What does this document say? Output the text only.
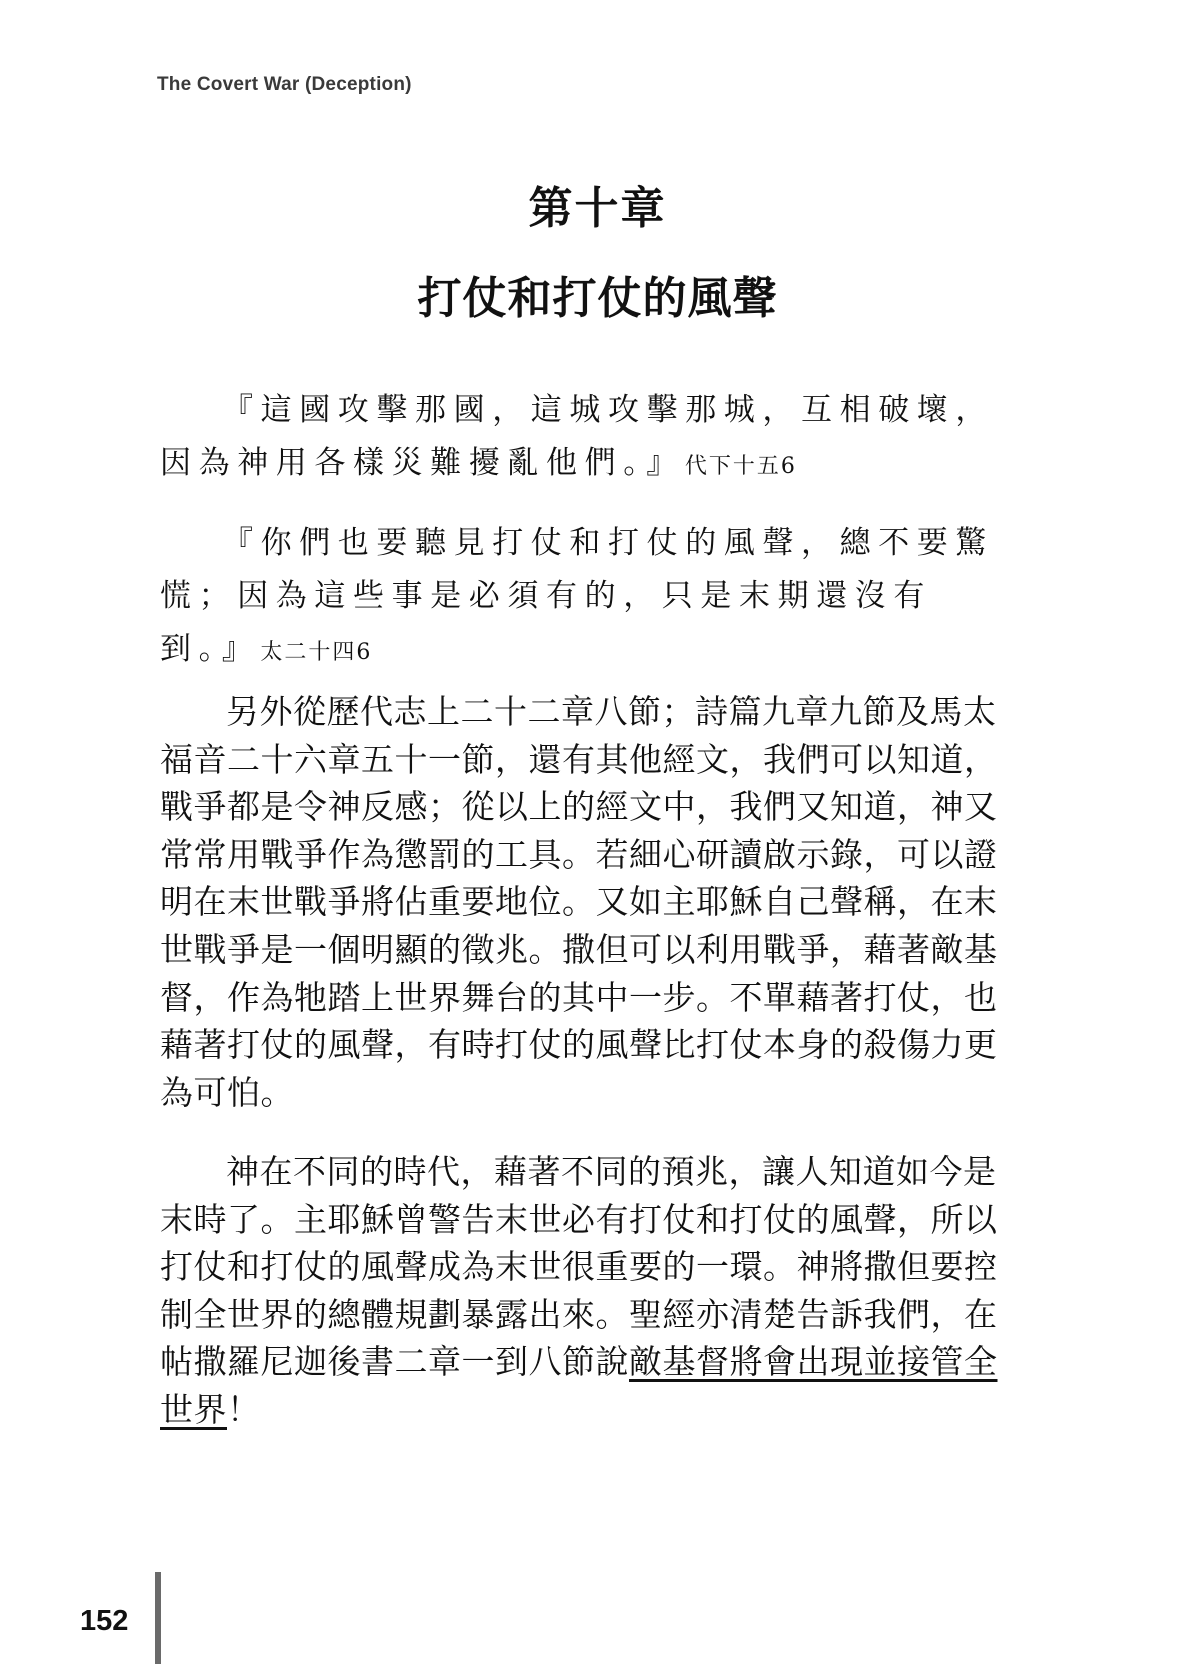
The Covert War (Deception)
第十章
打仗和打仗的風聲

『這國攻擊那國，這城攻擊那城，互相破壞，因為神用各樣災難擾亂他們。』代下十五6

『你們也要聽見打仗和打仗的風聲，總不要驚慌；因為這些事是必須有的，只是末期還沒有到。』太二十四6

另外從歷代志上二十二章八節；詩篇九章九節及馬太福音二十六章五十一節，還有其他經文，我們可以知道，戰爭都是令神反感；從以上的經文中，我們又知道，神又常常用戰爭作為懲罰的工具。若細心研讀啟示錄，可以證明在末世戰爭將佔重要地位。又如主耶穌自己聲稱，在末世戰爭是一個明顯的徵兆。撒但可以利用戰爭，藉著敵基督，作為牠踏上世界舞台的其中一步。不單藉著打仗，也藉著打仗的風聲，有時打仗的風聲比打仗本身的殺傷力更為可怕。

神在不同的時代，藉著不同的預兆，讓人知道如今是末時了。主耶穌曾警告末世必有打仗和打仗的風聲，所以打仗和打仗的風聲成為末世很重要的一環。神將撒但要控制全世界的總體規劃暴露出來。聖經亦清楚告訴我們，在帖撒羅尼迦後書二章一到八節說敵基督將會出現並接管全世界！

152
